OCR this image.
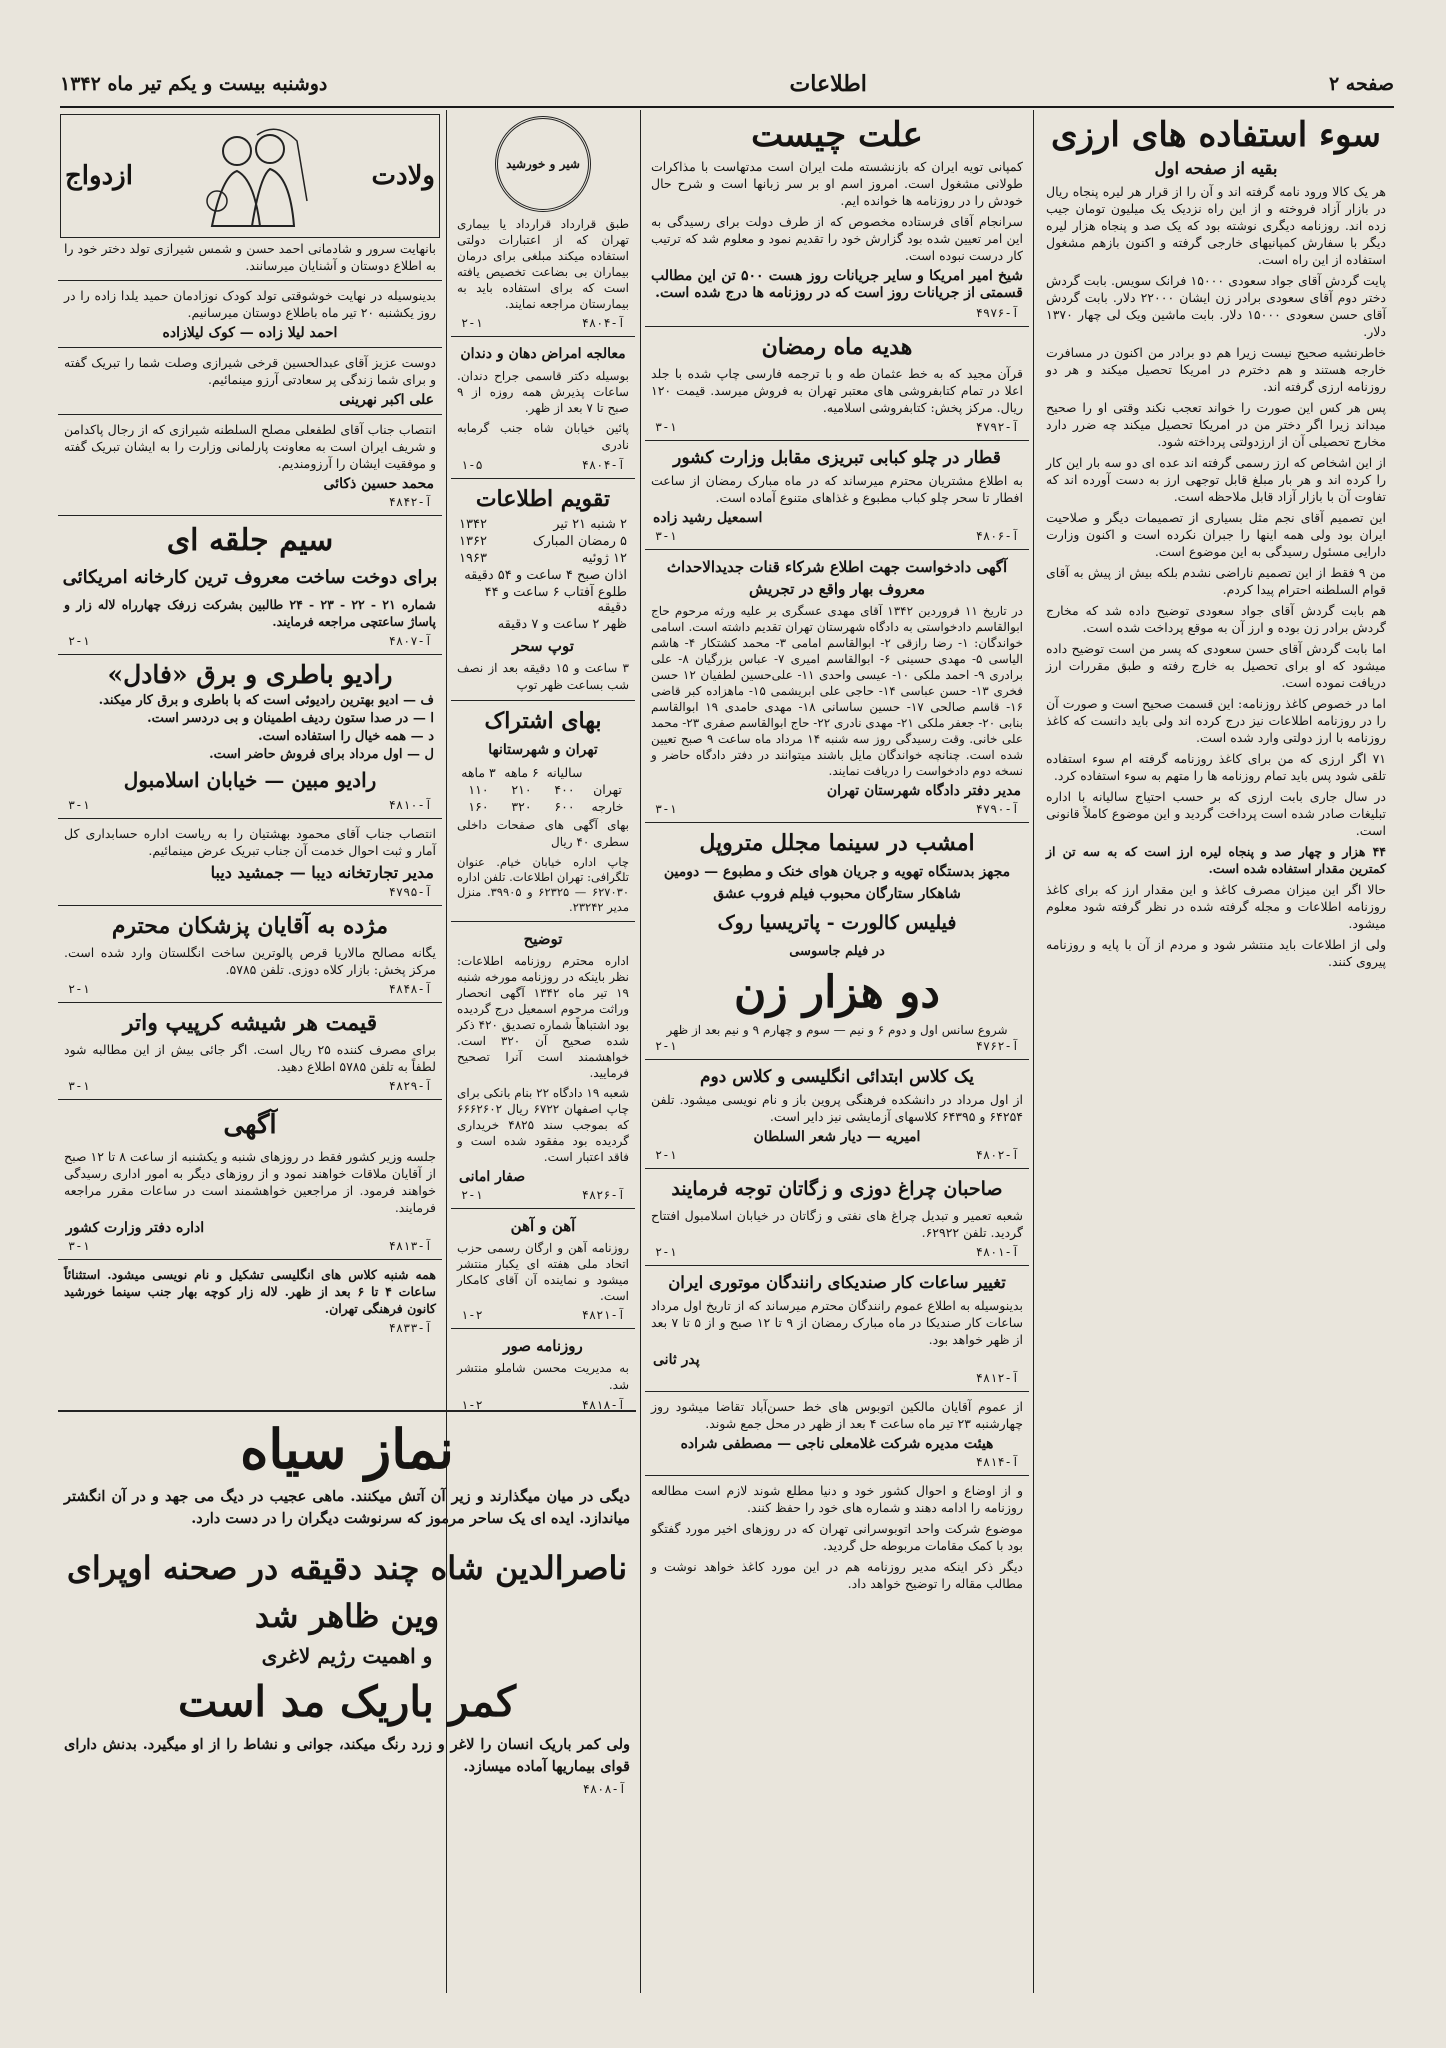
صفحه ۲
اطلاعات
دوشنبه بیست و یکم تیر ماه ۱۳۴۲
سوء استفاده های ارزی
بقیه از صفحه اول

هر یک کالا ورود نامه گرفته اند و آن را از قرار هر لیره پنجاه ریال در بازار آزاد فروخته و از این راه نزدیک یک میلیون تومان جیب زده اند. روزنامه دیگری نوشته بود که یک صد و پنجاه هزار لیره دیگر با سفارش کمپانیهای خارجی گرفته و اکنون بازهم مشغول استفاده از این راه است.

پایت گردش آقای جواد سعودی ۱۵۰۰۰ فرانک سویس. بابت گردش دختر دوم آقای سعودی برادر زن ایشان ۲۲۰۰۰ دلار. بابت گردش آقای حسن سعودی ۱۵۰۰۰ دلار. بابت ماشین ویک لی چهار ۱۳۷۰ دلار.

خاطرنشیه صحیح نیست زیرا هم دو برادر من اکنون در مسافرت خارجه هستند و هم دخترم در امریکا تحصیل میکند و هر دو روزنامه ارزی گرفته اند.

پس هر کس این صورت را خواند تعجب نکند وقتی او را صحیح میداند زیرا اگر دختر من در امریکا تحصیل میکند چه ضرر دارد مخارج تحصیلی آن از ارزدولتی پرداخته شود.

از این اشخاص که ارز رسمی گرفته اند عده ای دو سه بار این کار را کرده اند و هر بار مبلغ قابل توجهی ارز به دست آورده اند که تفاوت آن با بازار آزاد قابل ملاحظه است.

این تصمیم آقای نجم مثل بسیاری از تصمیمات دیگر و صلاحیت ایران بود ولی همه اینها را جبران نکرده است و اکنون وزارت دارایی مسئول رسیدگی به این موضوع است.

من ۹ فقط از این تصمیم ناراضی نشدم بلکه بیش از پیش به آقای قوام السلطنه احترام پیدا کردم.

هم بابت گردش آقای جواد سعودی توضیح داده شد که مخارج گردش برادر زن بوده و ارز آن به موقع پرداخت شده است.

اما بابت گردش آقای حسن سعودی که پسر من است توضیح داده میشود که او برای تحصیل به خارج رفته و طبق مقررات ارز دریافت نموده است.

اما در خصوص کاغذ روزنامه: این قسمت صحیح است و صورت آن را در روزنامه اطلاعات نیز درج کرده اند ولی باید دانست که کاغذ روزنامه با ارز دولتی وارد شده است.

۷۱ اگر ارزی که من برای کاغذ روزنامه گرفته ام سوء استفاده تلقی شود پس باید تمام روزنامه ها را متهم به سوء استفاده کرد.

در سال جاری بابت ارزی که بر حسب احتیاج سالیانه با اداره تبلیغات صادر شده است پرداخت گردید و این موضوع کاملاً قانونی است.

۴۴ هزار و چهار صد و پنجاه لیره ارز است که به سه تن از کمترین مقدار استفاده شده است.

حالا اگر این میزان مصرف کاغذ و این مقدار ارز که برای کاغذ روزنامه اطلاعات و مجله گرفته شده در نظر گرفته شود معلوم میشود.

ولی از اطلاعات باید منتشر شود و مردم از آن با پایه و روزنامه پیروی کنند.

علت چیست

کمپانی تویه ایران که بازنشسته ملت ایران است مدتهاست با مذاکرات طولانی مشغول است. امروز اسم او بر سر زبانها است و شرح حال خودش را در روزنامه ها خوانده ایم.

سرانجام آقای فرستاده مخصوص که از طرف دولت برای رسیدگی به این امر تعیین شده بود گزارش خود را تقدیم نمود و معلوم شد که ترتیب کار درست نبوده است.

شیخ امیر امریکا و سایر جریانات روز هست ۵۰۰ تن این مطالب قسمتی از جریانات روز است که در روزنامه ها درج شده است.

آ-۴۹۷۶
هدیه ماه رمضان

قرآن مجید که به خط عثمان طه و با ترجمه فارسی چاپ شده با جلد اعلا در تمام کتابفروشی های معتبر تهران به فروش میرسد. قیمت ۱۲۰ ریال. مرکز پخش: کتابفروشی اسلامیه.

آ-۴۷۹۲
۳-۱
قطار در چلو کبابی تبریزی مقابل وزارت کشور

به اطلاع مشتریان محترم میرساند که در ماه مبارک رمضان از ساعت افطار تا سحر چلو کباب مطبوع و غذاهای متنوع آماده است.

اسمعیل رشید زاده
آ-۴۸۰۶
۳-۱
آگهی دادخواست جهت اطلاع شرکاء قنات جدیدالاحداث معروف بهار واقع در تجریش

در تاریخ ۱۱ فروردین ۱۳۴۲ آقای مهدی عسگری بر علیه ورثه مرحوم حاج ابوالقاسم دادخواستی به دادگاه شهرستان تهران تقدیم داشته است. اسامی خواندگان: ۱- رضا رازقی ۲- ابوالقاسم امامی ۳- محمد کشتکار ۴- هاشم الیاسی ۵- مهدی حسینی ۶- ابوالقاسم امیری ۷- عباس بزرگیان ۸- علی برادری ۹- احمد ملکی ۱۰- عیسی واحدی ۱۱- علی‌حسین لطفیان ۱۲ حسن فخری ۱۳- حسن عباسی ۱۴- حاجی علی ابریشمی ۱۵- ماهزاده کبر قاضی ۱۶- قاسم صالحی ۱۷- حسین ساسانی ۱۸- مهدی حامدی ۱۹ ابوالقاسم بنابی ۲۰- جعفر ملکی ۲۱- مهدی نادری ۲۲- حاج ابوالقاسم صفری ۲۳- محمد علی خانی. وقت رسیدگی روز سه شنبه ۱۴ مرداد ماه ساعت ۹ صبح تعیین شده است. چنانچه خواندگان مایل باشند میتوانند در دفتر دادگاه حاضر و نسخه دوم دادخواست را دریافت نمایند.

مدیر دفتر دادگاه شهرستان تهران
آ-۴۷۹۰
۳-۱
امشب در سینما مجلل متروپل
مجهز بدستگاه تهویه و جریان هوای خنک و مطبوع — دومین شاهکار ستارگان محبوب فیلم فروب عشق
فیلیس کالورت - پاتریسیا روک
در فیلم جاسوسی
دو هزار زن
شروع سانس اول و دوم ۶ و نیم — سوم و چهارم ۹ و نیم بعد از ظهر
آ-۴۷۶۲
۲-۱
یک کلاس ابتدائی انگلیسی و کلاس دوم

از اول مرداد در دانشکده فرهنگی پروین باز و نام نویسی میشود. تلفن ۶۴۲۵۴ و ۶۴۳۹۵ کلاسهای آزمایشی نیز دایر است.

امیریه — دیار شعر السلطان
آ-۴۸۰۲
۲-۱
صاحبان چراغ دوزی و زگاتان توجه فرمایند

شعبه تعمیر و تبدیل چراغ های نفتی و زگاتان در خیابان اسلامبول افتتاح گردید. تلفن ۶۲۹۲۲.

آ-۴۸۰۱
۲-۱
تغییر ساعات کار صندیکای رانندگان موتوری ایران

بدینوسیله به اطلاع عموم رانندگان محترم میرساند که از تاریخ اول مرداد ساعات کار صندیکا در ماه مبارک رمضان از ۹ تا ۱۲ صبح و از ۵ تا ۷ بعد از ظهر خواهد بود.

پدر ثانی
آ-۴۸۱۲

از عموم آقایان مالکین اتوبوس های خط حسن‌آباد تقاضا میشود روز چهارشنبه ۲۳ تیر ماه ساعت ۴ بعد از ظهر در محل جمع شوند.

هیئت مدیره شرکت غلامعلی ناجی — مصطفی شراده
آ-۴۸۱۴

و از اوضاع و احوال کشور خود و دنیا مطلع شوند لازم است مطالعه روزنامه را ادامه دهند و شماره های خود را حفظ کنند.

موضوع شرکت واحد اتوبوسرانی تهران که در روزهای اخیر مورد گفتگو بود با کمک مقامات مربوطه حل گردید.

دیگر ذکر اینکه مدیر روزنامه هم در این مورد کاغذ خواهد نوشت و مطالب مقاله را توضیح خواهد داد.

شیر و خورشید

طبق قرارداد قرارداد یا بیماری تهران که از اعتبارات دولتی استفاده میکند مبلغی برای درمان بیماران بی بضاعت تخصیص یافته است که برای استفاده باید به بیمارستان مراجعه نمایند.

آ-۴۸۰۴
۲-۱
معالجه امراض دهان و دندان

بوسیله دکتر قاسمی جراح دندان. ساعات پذیرش همه روزه از ۹ صبح تا ۷ بعد از ظهر.

پائین خیابان شاه جنب گرمابه نادری

آ-۴۸۰۴
۱-۵
تقویم اطلاعات
۲ شنبه ۲۱ تیر
۱۳۴۲
۵ رمضان المبارک
۱۳۶۲
۱۲ ژوئیه
۱۹۶۳
اذان صبح ۴ ساعت و ۵۴ دقیقه
طلوع آفتاب ۶ ساعت و ۴۴ دقیقه
ظهر ۲ ساعت و ۷ دقیقه
توپ سحر

۳ ساعت و ۱۵ دقیقه بعد از نصف شب بساعت ظهر توپ

بهای اشتراک
تهران و شهرستانها
سالیانه
۶ ماهه
۳ ماهه
تهران
۴۰۰
۲۱۰
۱۱۰
خارجه
۶۰۰
۳۲۰
۱۶۰

بهای آگهی های صفحات داخلی سطری ۴۰ ریال

چاپ اداره خیابان خیام. عنوان تلگرافی: تهران اطلاعات. تلفن اداره ۶۲۷۰۳۰ — ۶۲۳۲۵ و ۳۹۹۰۵. منزل مدیر ۲۳۲۴۲.

توضیح

اداره محترم روزنامه اطلاعات: نظر باینکه در روزنامه مورخه شنبه ۱۹ تیر ماه ۱۳۴۲ آگهی انحصار وراثت مرحوم اسمعیل درج گردیده بود اشتباهاً شماره تصدیق ۴۲۰ ذکر شده صحیح آن ۳۲۰ است. خواهشمند است آنرا تصحیح فرمایید.

شعبه ۱۹ دادگاه ۲۲ بنام بانکی برای چاپ اصفهان ۶۷۲۲ ریال ۶۶۶۲۶۰۲ که بموجب سند ۴۸۲۵ خریداری گردیده بود مفقود شده است و فاقد اعتبار است.

صفار امانی
آ-۴۸۲۶
۲-۱
آهن و آهن

روزنامه آهن و ارگان رسمی حزب اتحاد ملی هفته ای یکبار منتشر میشود و نماینده آن آقای کامکار است.

آ-۴۸۲۱
۱-۲
روزنامه صور

به مدیریت محسن شاملو منتشر شد.

آ-۴۸۱۸
۱-۲
ولادت
ازدواج

بانهایت سرور و شادمانی احمد حسن و شمس شیرازی تولد دختر خود را به اطلاع دوستان و آشنایان میرسانند.

بدینوسیله در نهایت خوشوقتی تولد کودک نوزادمان حمید یلدا زاده را در روز یکشنبه ۲۰ تیر ماه باطلاع دوستان میرسانیم.

احمد لیلا زاده — کوک لیلازاده

دوست عزیز آقای عبدالحسین قرخی شیرازی وصلت شما را تبریک گفته و برای شما زندگی پر سعادتی آرزو مینمائیم.

علی اکبر نهرینی

انتصاب جناب آقای لطفعلی مصلح السلطنه شیرازی که از رجال پاکدامن و شریف ایران است به معاونت پارلمانی وزارت را به ایشان تبریک گفته و موفقیت ایشان را آرزومندیم.

محمد حسین ذکائی
آ-۴۸۴۲
سیم جلقه ای
برای دوخت ساخت معروف ترین کارخانه امریکائی

شماره ۲۱ - ۲۲ - ۲۳ - ۲۴ طالبین بشرکت زرفک چهارراه لاله زار و پاساژ ساعتچی مراجعه فرمایند.

آ-۴۸۰۷
۲-۱
رادیو باطری و برق «فادل»
ف — ادیو بهترین رادیوئی است که با باطری و برق کار میکند.
ا — در صدا ستون ردیف اطمینان و بی دردسر است.
د — همه خیال را استفاده است.
ل — اول مرداد برای فروش حاضر است.
رادیو مبین — خیابان اسلامبول
آ-۴۸۱۰
۳-۱

انتصاب جناب آقای محمود بهشتیان را به ریاست اداره حسابداری کل آمار و ثبت احوال خدمت آن جناب تبریک عرض مینمائیم.

مدیر تجارتخانه دیبا — جمشید دیبا
آ-۴۷۹۵
مژده به آقایان پزشکان محترم

یگانه مصالح مالاریا قرص پالوترین ساخت انگلستان وارد شده است. مرکز پخش: بازار کلاه دوزی. تلفن ۵۷۸۵.

آ-۴۸۴۸
۲-۱
قیمت هر شیشه کرپیپ واتر

برای مصرف کننده ۲۵ ریال است. اگر جائی بیش از این مطالبه شود لطفاً به تلفن ۵۷۸۵ اطلاع دهید.

آ-۴۸۲۹
۳-۱
آگهی

جلسه وزیر کشور فقط در روزهای شنبه و یکشنبه از ساعت ۸ تا ۱۲ صبح از آقایان ملاقات خواهند نمود و از روزهای دیگر به امور اداری رسیدگی خواهند فرمود. از مراجعین خواهشمند است در ساعات مقرر مراجعه فرمایند.

اداره دفتر وزارت کشور
آ-۴۸۱۳
۳-۱

همه شنبه کلاس های انگلیسی تشکیل و نام نویسی میشود. استثنائاً ساعات ۴ تا ۶ بعد از ظهر. لاله زار کوچه بهار جنب سینما خورشید کانون فرهنگی تهران.

آ-۴۸۳۳
نماز سیاه

دیگی در میان میگذارند و زیر آن آتش میکنند. ماهی عجیب در دیگ می جهد و در آن انگشتر میاندازد. ایده ای یک ساحر مرموز که سرنوشت دیگران را در دست دارد.

ناصرالدین شاه چند دقیقه در صحنه اوپرای
وین ظاهر شد
و اهمیت رژیم لاغری
کمر باریک مد است

ولی کمر باریک انسان را لاغر و زرد رنگ میکند، جوانی و نشاط را از او میگیرد. بدنش دارای قوای بیماریها آماده میسازد.

آ-۴۸۰۸
